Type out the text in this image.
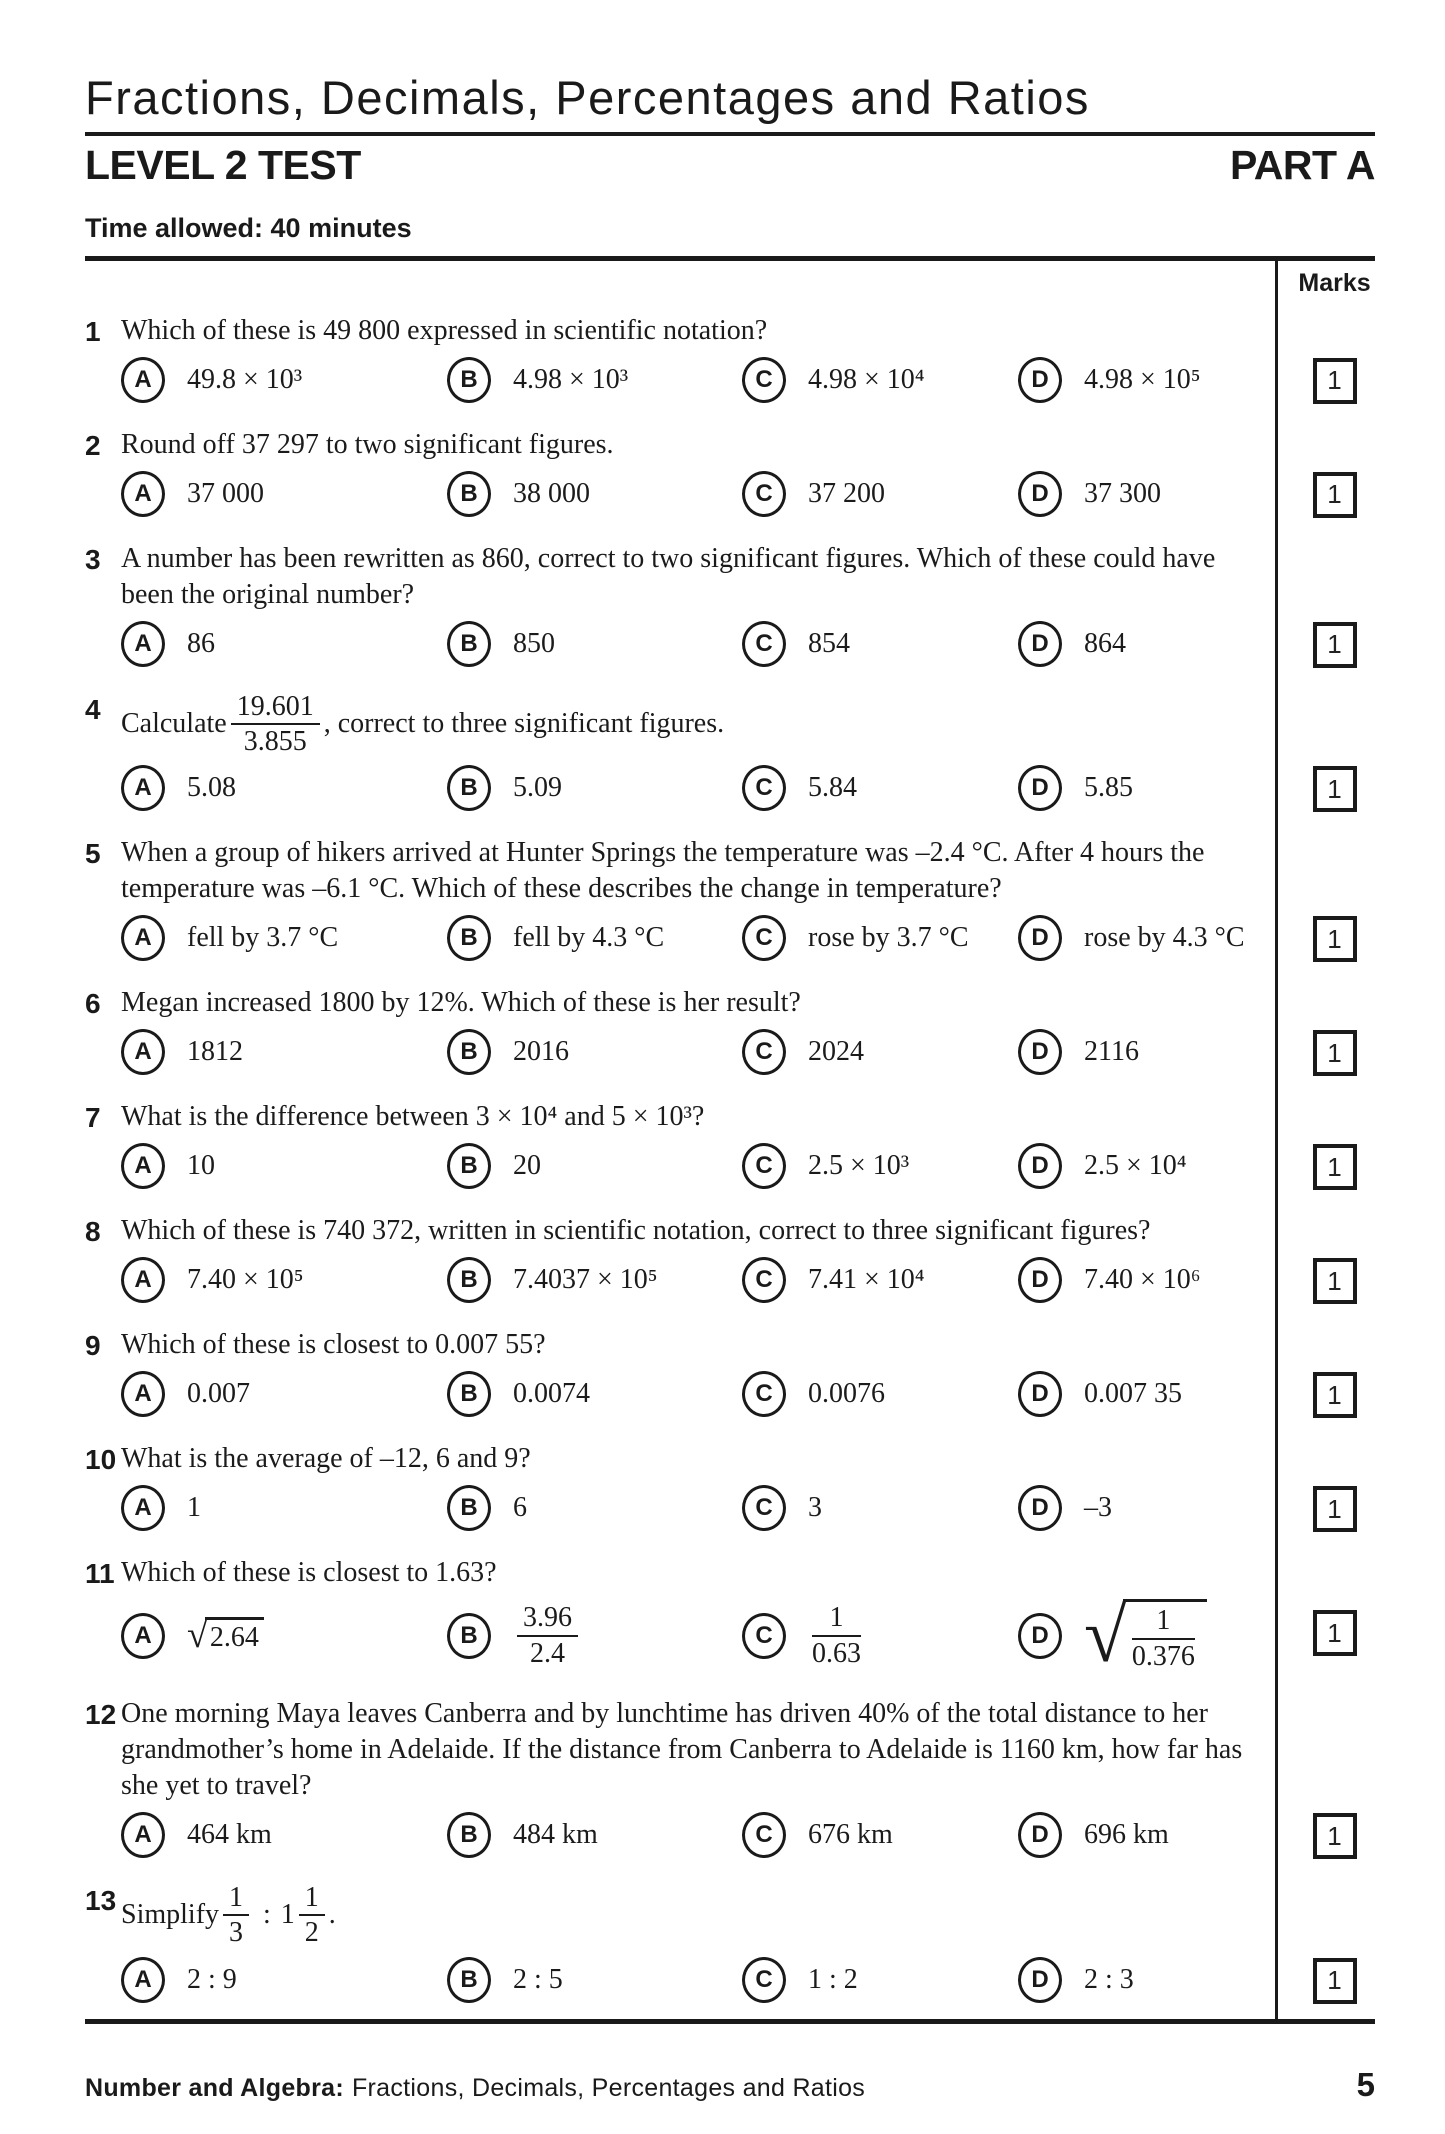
Fractions, Decimals, Percentages and Ratios
LEVEL 2 TEST	PART A
Time allowed: 40 minutes
Marks
1 Which of these is 49 800 expressed in scientific notation?
A	49.8 × 10³	B	4.98 × 10³	C	4.98 × 10⁴	D	4.98 × 10⁵	1
2 Round off 37 297 to two significant figures.
A	37 000	B	38 000	C	37 200	D	37 300	1
3 A number has been rewritten as 860, correct to two significant figures. Which of these could have been the original number?
A	86	B	850	C	854	D	864	1
4 Calculate $\frac{19.601}{3.855}$ , correct to three significant figures.
A	5.08	B	5.09	C	5.84	D	5.85	1
5 When a group of hikers arrived at Hunter Springs the temperature was –2.4 °C. After 4 hours the temperature was –6.1 °C. Which of these describes the change in temperature?
A	fell by 3.7 °C	B	fell by 4.3 °C	C	rose by 3.7 °C	D	rose by 4.3 °C	1
6 Megan increased 1800 by 12%. Which of these is her result?
A	1812	B	2016	C	2024	D	2116	1
7 What is the difference between 3 × 10⁴ and 5 × 10³?
A	10	B	20	C	2.5 × 10³	D	2.5 × 10⁴	1
8 Which of these is 740 372, written in scientific notation, correct to three significant figures?
A	7.40 × 10⁵	B	7.4037 × 10⁵	C	7.41 × 10⁴	D	7.40 × 10⁶	1
9 Which of these is closest to 0.007 55?
A	0.007	B	0.0074	C	0.0076	D	0.007 35	1
10 What is the average of –12, 6 and 9?
A	1	B	6	C	3	D	–3	1
11 Which of these is closest to 1.63?
A √ 2.64	B	$\frac{3.96}{2.4}$	C	$\frac{1}{0.63}$	D √ $\frac{1}{0.376}$	1
12 One morning Maya leaves Canberra and by lunchtime has driven 40% of the total distance to her grandmother’s home in Adelaide. If the distance from Canberra to Adelaide is 1160 km, how far has she yet to travel?
A	464 km	B	484 km	C	676 km	D	696 km	1
13 Simplify $\frac{1}{3}$ : $1 \frac{1}{2}$ .
A	2 : 9	B	2 : 5	C	1 : 2	D	2 : 3	1
Number and Algebra: Fractions, Decimals, Percentages and Ratios	5
